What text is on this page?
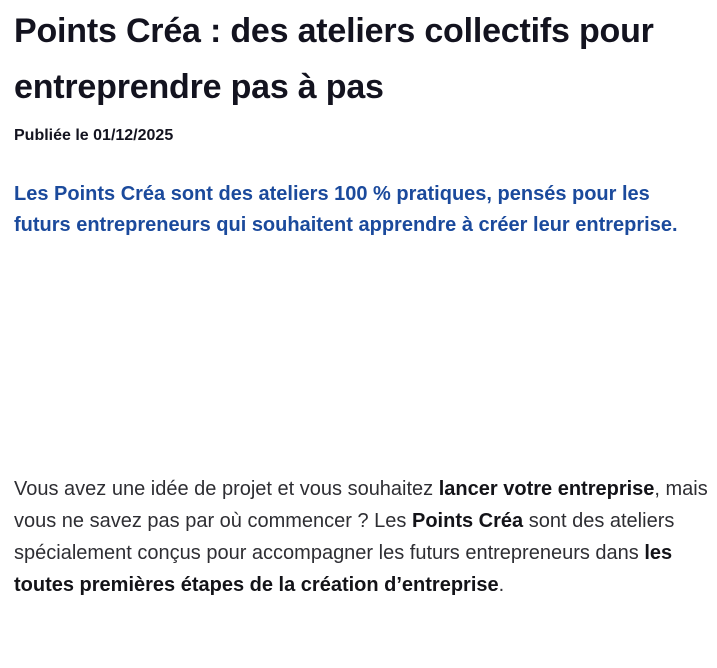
Points Créa : des ateliers collectifs pour entreprendre pas à pas

Publiée le 01/12/2025

Les Points Créa sont des ateliers 100 % pratiques, pensés pour les futurs entrepreneurs qui souhaitent apprendre à créer leur entreprise.

Vous avez une idée de projet et vous souhaitez lancer votre entreprise, mais vous ne savez pas par où commencer ? Les Points Créa sont des ateliers spécialement conçus pour accompagner les futurs entrepreneurs dans les toutes premières étapes de la création d’entreprise.
